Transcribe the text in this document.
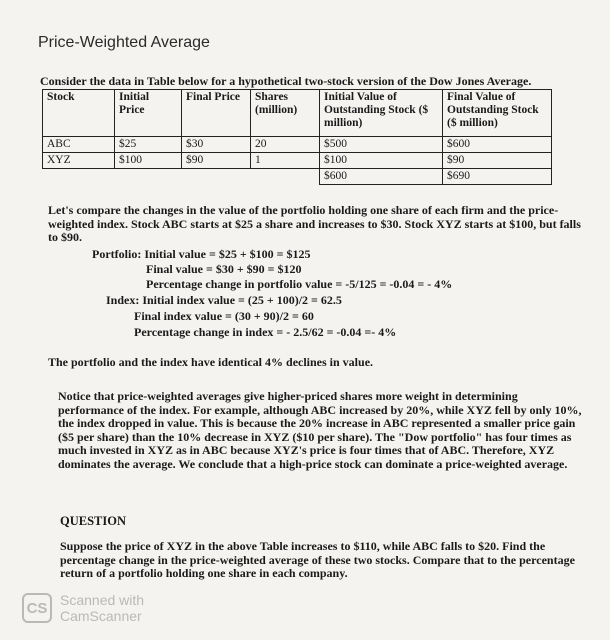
Price-Weighted Average
Consider the data in Table below for a hypothetical two-stock version of the Dow Jones Average.
Stock	Initial Price	Final Price	Shares (million)	Initial Value of Outstanding Stock ($ million)	Final Value of Outstanding Stock ($ million)
ABC	$25	$30	20	$500	$600
XYZ	$100	$90	1	$100	$90
				$600	$690
Let's compare the changes in the value of the portfolio holding one share of each firm and the price-weighted index. Stock ABC starts at $25 a share and increases to $30. Stock XYZ starts at $100, but falls to $90.
Portfolio: Initial value = $25 + $100 = $125
Final value = $30 + $90 = $120
Percentage change in portfolio value = -5/125 = -0.04 = - 4%
Index: Initial index value = (25 + 100)/2 = 62.5
Final index value = (30 + 90)/2 = 60
Percentage change in index = - 2.5/62 = -0.04 =- 4%
The portfolio and the index have identical 4% declines in value.
Notice that price-weighted averages give higher-priced shares more weight in determining performance of the index. For example, although ABC increased by 20%, while XYZ fell by only 10%, the index dropped in value. This is because the 20% increase in ABC represented a smaller price gain ($5 per share) than the 10% decrease in XYZ ($10 per share). The "Dow portfolio" has four times as much invested in XYZ as in ABC because XYZ's price is four times that of ABC. Therefore, XYZ dominates the average. We conclude that a high-price stock can dominate a price-weighted average.
QUESTION
Suppose the price of XYZ in the above Table increases to $110, while ABC falls to $20. Find the percentage change in the price-weighted average of these two stocks. Compare that to the percentage return of a portfolio holding one share in each company.
CS Scanned with
CamScanner
